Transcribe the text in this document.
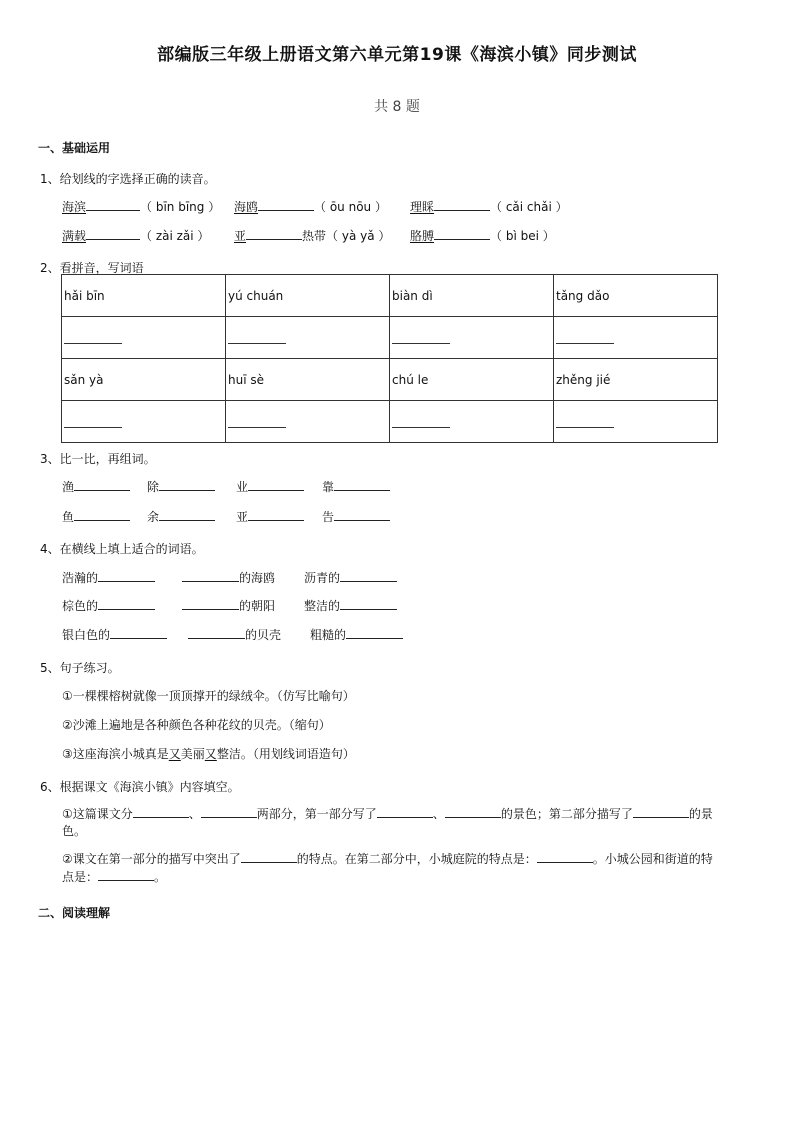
部编版三年级上册语文第六单元第19课《海滨小镇》同步测试
共 8 题
一、基础运用
1、给划线的字选择正确的读音。
海滨	（ bīn bīng ） 海鸥	（ ōu nōu ） 理睬	（ cǎi chǎi ）
满载	（ zài zǎi ） 亚	热带（ yà yǎ ） 胳膊	（ bì bei ）
2、看拼音，写词语
hǎi bīn	yú chuán	biàn dì	tǎng dǎo

sǎn yà	huī sè	chú le	zhěng jié

3、比一比，再组词。
渔	除	业	靠
鱼	余	亚	告
4、在横线上填上适合的词语。
浩瀚的	的海鸥 沥青的
棕色的	的朝阳 整洁的
银白色的	的贝壳 粗糙的
5、句子练习。
①一棵棵榕树就像一顶顶撑开的绿绒伞。（仿写比喻句）
②沙滩上遍地是各种颜色各种花纹的贝壳。（缩句）
③这座海滨小城真是又美丽又整洁。（用划线词语造句）
6、根据课文《海滨小镇》内容填空。
①这篇课文分	、	两部分，第一部分写了	、	的景色；第二部分描写了	的景色。
②课文在第一部分的描写中突出了	的特点。在第二部分中，小城庭院的特点是：	。小城公园和街道的特点是：	。
二、阅读理解
